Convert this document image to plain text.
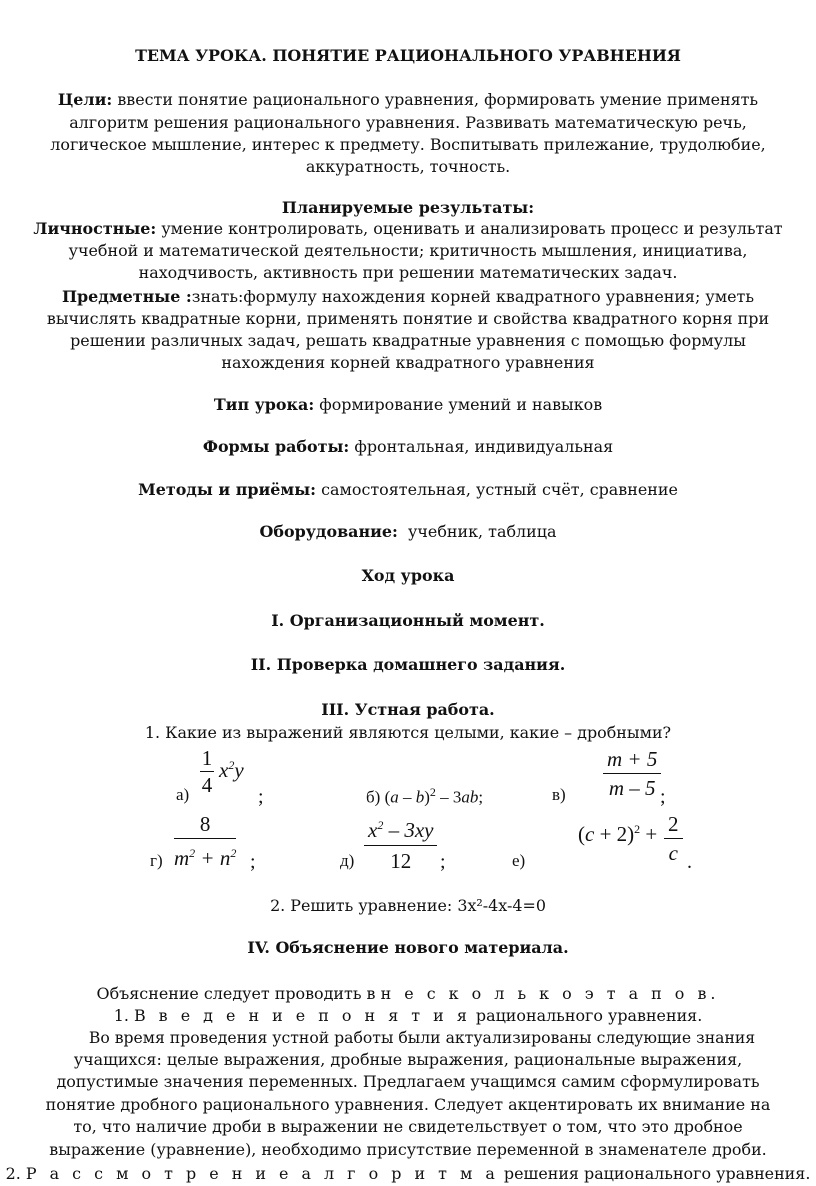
ТЕМА УРОКА. ПОНЯТИЕ РАЦИОНАЛЬНОГО УРАВНЕНИЯ
Цели: ввести понятие рационального уравнения, формировать умение применять
алгоритм решения рационального уравнения. Развивать математическую речь,
логическое мышление, интерес к предмету. Воспитывать прилежание, трудолюбие,
аккуратность, точность.
Планируемые результаты:
Личностные: умение контролировать, оценивать и анализировать процесс и результат
учебной и математической деятельности; критичность мышления, инициатива,
находчивость, активность при решении математических задач.
Предметные :знать:формулу нахождения корней квадратного уравнения; уметь
вычислять квадратные корни, применять понятие и свойства квадратного корня при
решении различных задач, решать квадратные уравнения с помощью формулы
нахождения корней квадратного уравнения
Тип урока: формирование умений и навыков
Формы работы: фронтальная, индивидуальная
Методы и приёмы: самостоятельная, устный счёт, сравнение
Оборудование: учебник, таблица
Ход урока
I. Организационный момент.
II. Проверка домашнего задания.
III. Устная работа.
1. Какие из выражений являются целыми, какие – дробными?
а)
1
4
$x^2y$
;	б) (a – b)$^2$ – 3ab;	в)
m + 5
m – 5 ;
г)
8
$m^2 + n^2$ ;	д)
$x^2 - 3xy$
12	;	е)
$(c + 2)^2 + 2$
c .
2. Решить уравнение: 3x²-4x-4=0
IV. Объяснение нового материала.
Объяснение следует проводить в н е с к о л ь к о э т а п о в.
1. В в е д е н и е п о н я т и я рационального уравнения.
Во время проведения устной работы были актуализированы следующие знания
учащихся: целые выражения, дробные выражения, рациональные выражения,
допустимые значения переменных. Предлагаем учащимся самим сформулировать
понятие дробного рационального уравнения. Следует акцентировать их внимание на
то, что наличие дроби в выражении не свидетельствует о том, что это дробное
выражение (уравнение), необходимо присутствие переменной в знаменателе дроби.
2. Р а с с м о т р е н и е а л г о р и т м а решения рационального уравнения.
